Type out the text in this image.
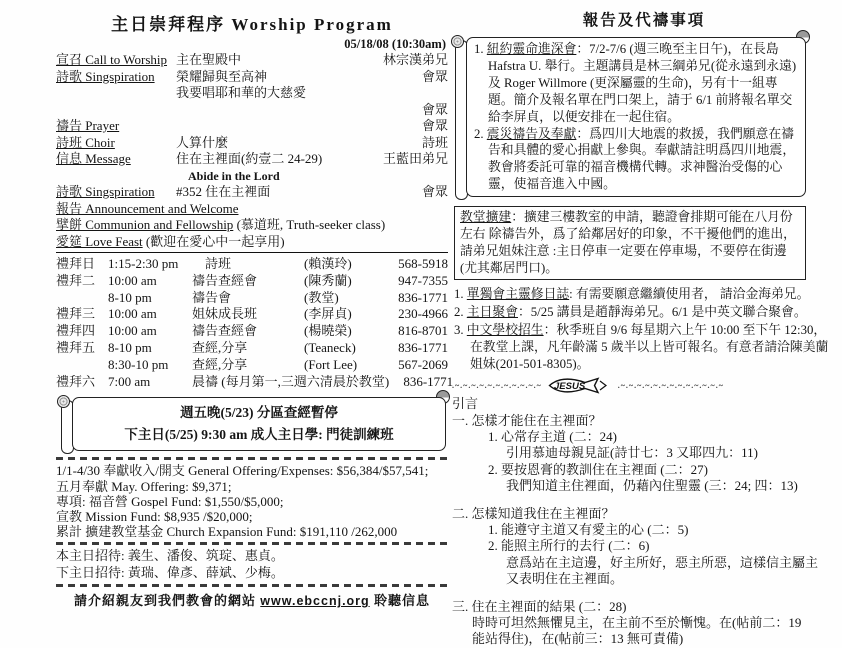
主日崇拜程序 Worship Program
05/18/08 (10:30am)
宣召 Call to Worship 主在聖殿中	林宗漢弟兄
詩歌 Singspiration	榮耀歸與至高神	會眾
我要唱耶和華的大慈愛
會眾
禱告 Prayer	會眾
詩班 Choir	人算什麼	詩班
信息 Message	住在主裡面(約壹二 24-29)	王藍田弟兄
Abide in the Lord
詩歌 Singspiration	#352 住在主裡面	會眾
報告 Announcement and Welcome
擘餅 Communion and Fellowship (慕道班, Truth-seeker class)
愛筵 Love Feast (歡迎在愛心中一起享用)
禮拜日 1:15-2:30 pm	　詩班	(賴漢玲)	568-5918
禮拜二 10:00 am	禱告查經會	(陳秀蘭)	947-7355
8-10 pm	禱告會	(教堂)	836-1771
禮拜三 10:00 am	姐妹成長班	(李屏貞)	230-4966
禮拜四 10:00 am	禱告查經會	(楊曉榮)	816-8701
禮拜五 8-10 pm	查經,分享	(Teaneck)	836-1771
8:30-10 pm	查經,分享	(Fort Lee)	567-2069
禮拜六 7:00 am	晨禱 (每月第一,三週六清晨於教堂)	836-1771
週五晚(5/23) 分區查經暫停
下主日(5/25) 9:30 am 成人主日學: 門徒訓練班
1/1-4/30 奉獻收入/開支 General Offering/Expenses: $56,384/$57,541;
五月奉獻 May. Offering: $9,371;
專項: 福音營 Gospel Fund: $1,550/$5,000;
宣教 Mission Fund: $8,935 /$20,000;
累計 擴建教堂基金 Church Expansion Fund: $191,110 /262,000
本主日招待: 義生、潘俊、筑琔、惠貞。
下主日招待: 黃瑞、偉彥、薛斌、少梅。
請介紹親友到我們教會的網站 www.ebccnj.org 聆聽信息
報告及代禱事項
1. 紐約靈命進深會：7/2-7/6 (週三晚至主日午)，在長島 Hafstra U. 舉行。主題講員是林三綱弟兄(從永遠到永遠)及 Roger Willmore (更深屬靈的生命)，另有十一組專題。簡介及報名單在門口架上，請于 6/1 前將報名單交給李屏貞，以便安排在一起住宿。
2. 震災禱告及奉獻：爲四川大地震的救援，我們願意在禱告和具體的愛心捐獻上參與。奉獻請註明爲四川地震，教會將委託可靠的福音機構代轉。求神醫治受傷的心靈，使福音進入中國。
教堂擴建：擴建三樓教室的申請，聽證會排期可能在八月份左右 除禱告外，爲了給鄰居好的印象，不干擾他們的進出，請弟兄姐妹注意 :主日停車一定要在停車場，不要停在街邊 (尤其鄰居門口)。
1. 單獨會主靈修日誌: 有需要願意繼續使用者， 請洽金海弟兄。
2. 主日聚會：5/25 講員是趙靜海弟兄。6/1 是中英文聯合聚會。
3. 中文學校招生：秋季班自 9/6 每星期六上午 10:00 至下午 12:30，在教堂上課，凡年齡滿 5 歲半以上皆可報名。有意者請洽陳美蘭姐妹(201-501-8305)。
.~.~.~.~.~.~.~.~.~.~.~ JESUS	.~.~.~.~.~.~.~.~.~.~.~.~.~
引言
一. 怎樣才能住在主裡面？
1. 心常存主道 (二：24)
引用慕迪母親見証(詩廿七：3 又耶四九：11)
2. 要按恩膏的教訓住在主裡面 (二：27)
我們知道主住裡面，仍藉內住聖靈 (三：24; 四：13)
二. 怎樣知道我住在主裡面？
1. 能遵守主道又有愛主的心 (二：5)
2. 能照主所行的去行 (二：6)
意爲站在主這邊，好主所好，惡主所惡，這樣信主屬主
又表明住在主裡面。
三. 住在主裡面的結果 (二：28)
時時可坦然無懼見主，在主前不至於慚愧。在(帖前二：19
能站得住)，在(帖前三：13 無可責備)
